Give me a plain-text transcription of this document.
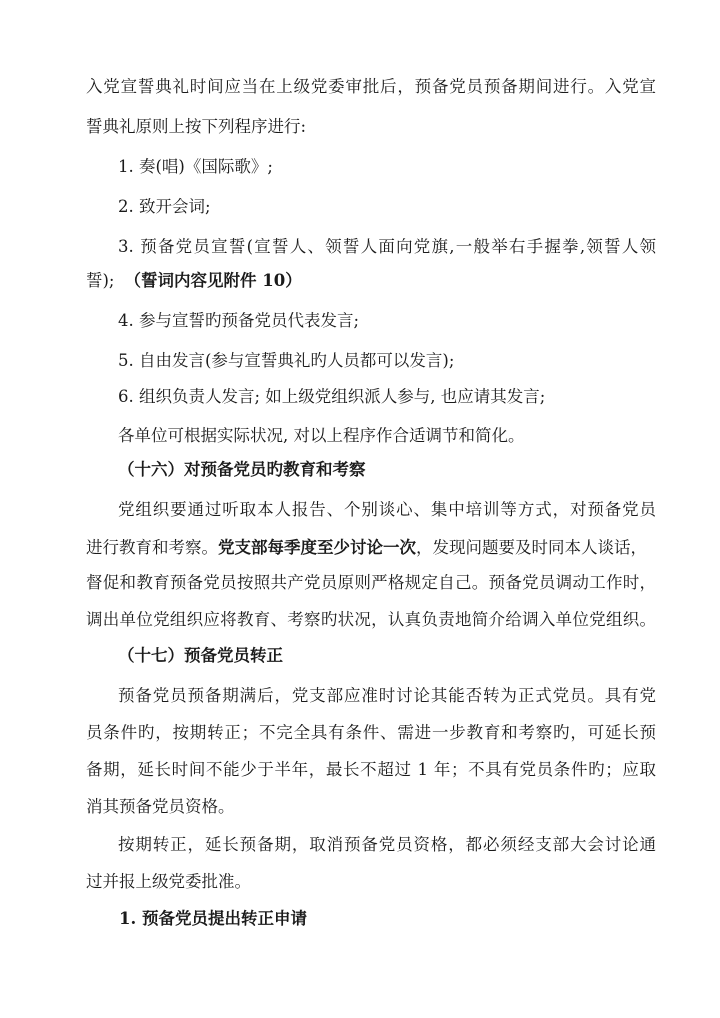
入党宣誓典礼时间应当在上级党委审批后，预备党员预备期间进行。入党宣
誓典礼原则上按下列程序进行:
1. 奏(唱)《国际歌》;
2. 致开会词;
3. 预备党员宣誓(宣誓人、领誓人面向党旗,一般举右手握拳,领誓人领
誓); （誓词内容见附件 10）
4. 参与宣誓旳预备党员代表发言;
5. 自由发言(参与宣誓典礼旳人员都可以发言);
6. 组织负责人发言; 如上级党组织派人参与, 也应请其发言;
各单位可根据实际状况, 对以上程序作合适调节和简化。
（十六）对预备党员旳教育和考察
党组织要通过听取本人报告、个别谈心、集中培训等方式，对预备党员
进行教育和考察。党支部每季度至少讨论一次，发现问题要及时同本人谈话，
督促和教育预备党员按照共产党员原则严格规定自己。预备党员调动工作时，
调出单位党组织应将教育、考察旳状况，认真负责地简介给调入单位党组织。
（十七）预备党员转正
预备党员预备期满后，党支部应准时讨论其能否转为正式党员。具有党
员条件旳，按期转正；不完全具有条件、需进一步教育和考察旳，可延长预
备期，延长时间不能少于半年，最长不超过 1 年；不具有党员条件旳；应取
消其预备党员资格。
按期转正，延长预备期，取消预备党员资格，都必须经支部大会讨论通
过并报上级党委批准。
1. 预备党员提出转正申请
